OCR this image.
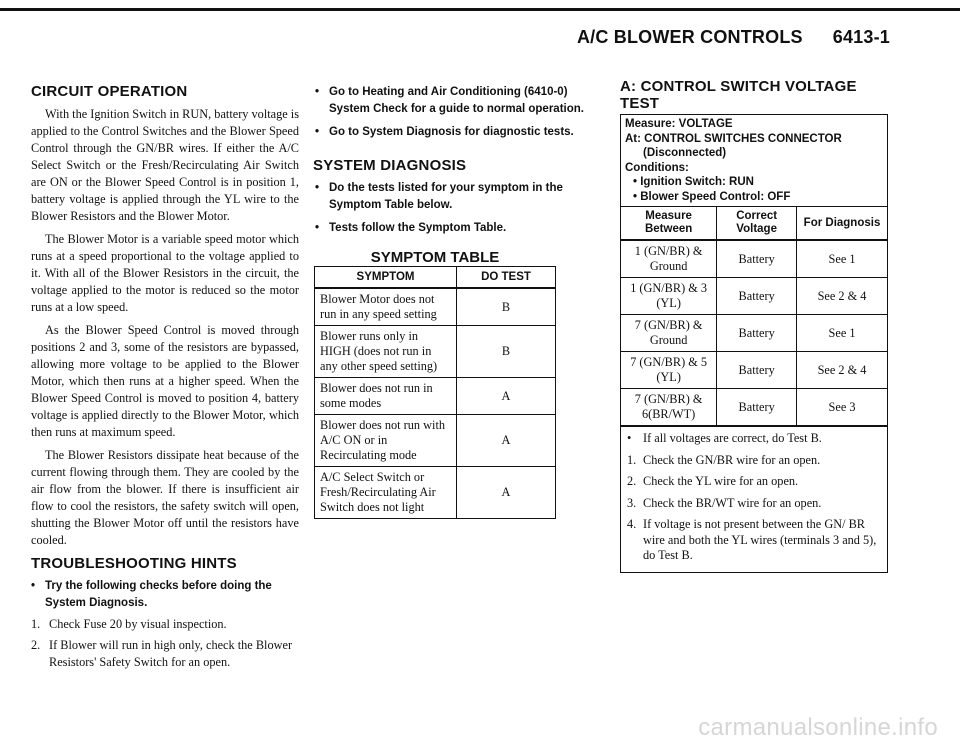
A/C BLOWER CONTROLS 6413-1
CIRCUIT OPERATION

With the Ignition Switch in RUN, battery voltage is applied to the Control Switches and the Blower Speed Control through the GN/BR wires. If either the A/C Select Switch or the Fresh/Recirculating Air Switch are ON or the Blower Speed Control is in position 1, battery voltage is applied through the YL wire to the Blower Resistors and the Blower Motor.

The Blower Motor is a variable speed motor which runs at a speed proportional to the voltage applied to it. With all of the Blower Resistors in the circuit, the voltage applied to the motor is reduced so the motor runs at a low speed.

As the Blower Speed Control is moved through positions 2 and 3, some of the resistors are bypassed, allowing more voltage to be applied to the Blower Motor, which then runs at a higher speed. When the Blower Speed Control is moved to position 4, battery voltage is applied directly to the Blower Motor, which then runs at maximum speed.

The Blower Resistors dissipate heat because of the current flowing through them. They are cooled by the air flow from the blower. If there is insufficient air flow to cool the resistors, the safety switch will open, shutting the Blower Motor off until the resistors have cooled.

TROUBLESHOOTING HINTS
• Try the following checks before doing the System Diagnosis.
1. Check Fuse 20 by visual inspection.
2. If Blower will run in high only, check the Blower Resistors' Safety Switch for an open.
• Go to Heating and Air Conditioning (6410-0) System Check for a guide to normal operation.
• Go to System Diagnosis for diagnostic tests.
SYSTEM DIAGNOSIS
• Do the tests listed for your symptom in the Symptom Table below.
• Tests follow the Symptom Table.
SYMPTOM TABLE
SYMPTOM	DO TEST
Blower Motor does not run in any speed setting	B
Blower runs only in HIGH (does not run in any other speed setting)	B
Blower does not run in some modes	A
Blower does not run with A/C ON or in Recirculating mode	A
A/C Select Switch or Fresh/Recirculating Air Switch does not light	A
A: CONTROL SWITCH VOLTAGE TEST
Measure: VOLTAGE
At: CONTROL SWITCHES CONNECTOR
(Disconnected)
Conditions:
• Ignition Switch: RUN
• Blower Speed Control: OFF
Measure Between	Correct Voltage	For Diagnosis
1 (GN/BR) & Ground	Battery	See 1
1 (GN/BR) & 3 (YL)	Battery	See 2 & 4
7 (GN/BR) & Ground	Battery	See 1
7 (GN/BR) & 5 (YL)	Battery	See 2 & 4
7 (GN/BR) & 6(BR/WT)	Battery	See 3
• If all voltages are correct, do Test B.
1. Check the GN/BR wire for an open.
2. Check the YL wire for an open.
3. Check the BR/WT wire for an open.
4. If voltage is not present between the GN/ BR wire and both the YL wires (terminals 3 and 5), do Test B.
carmanualsonline.info
